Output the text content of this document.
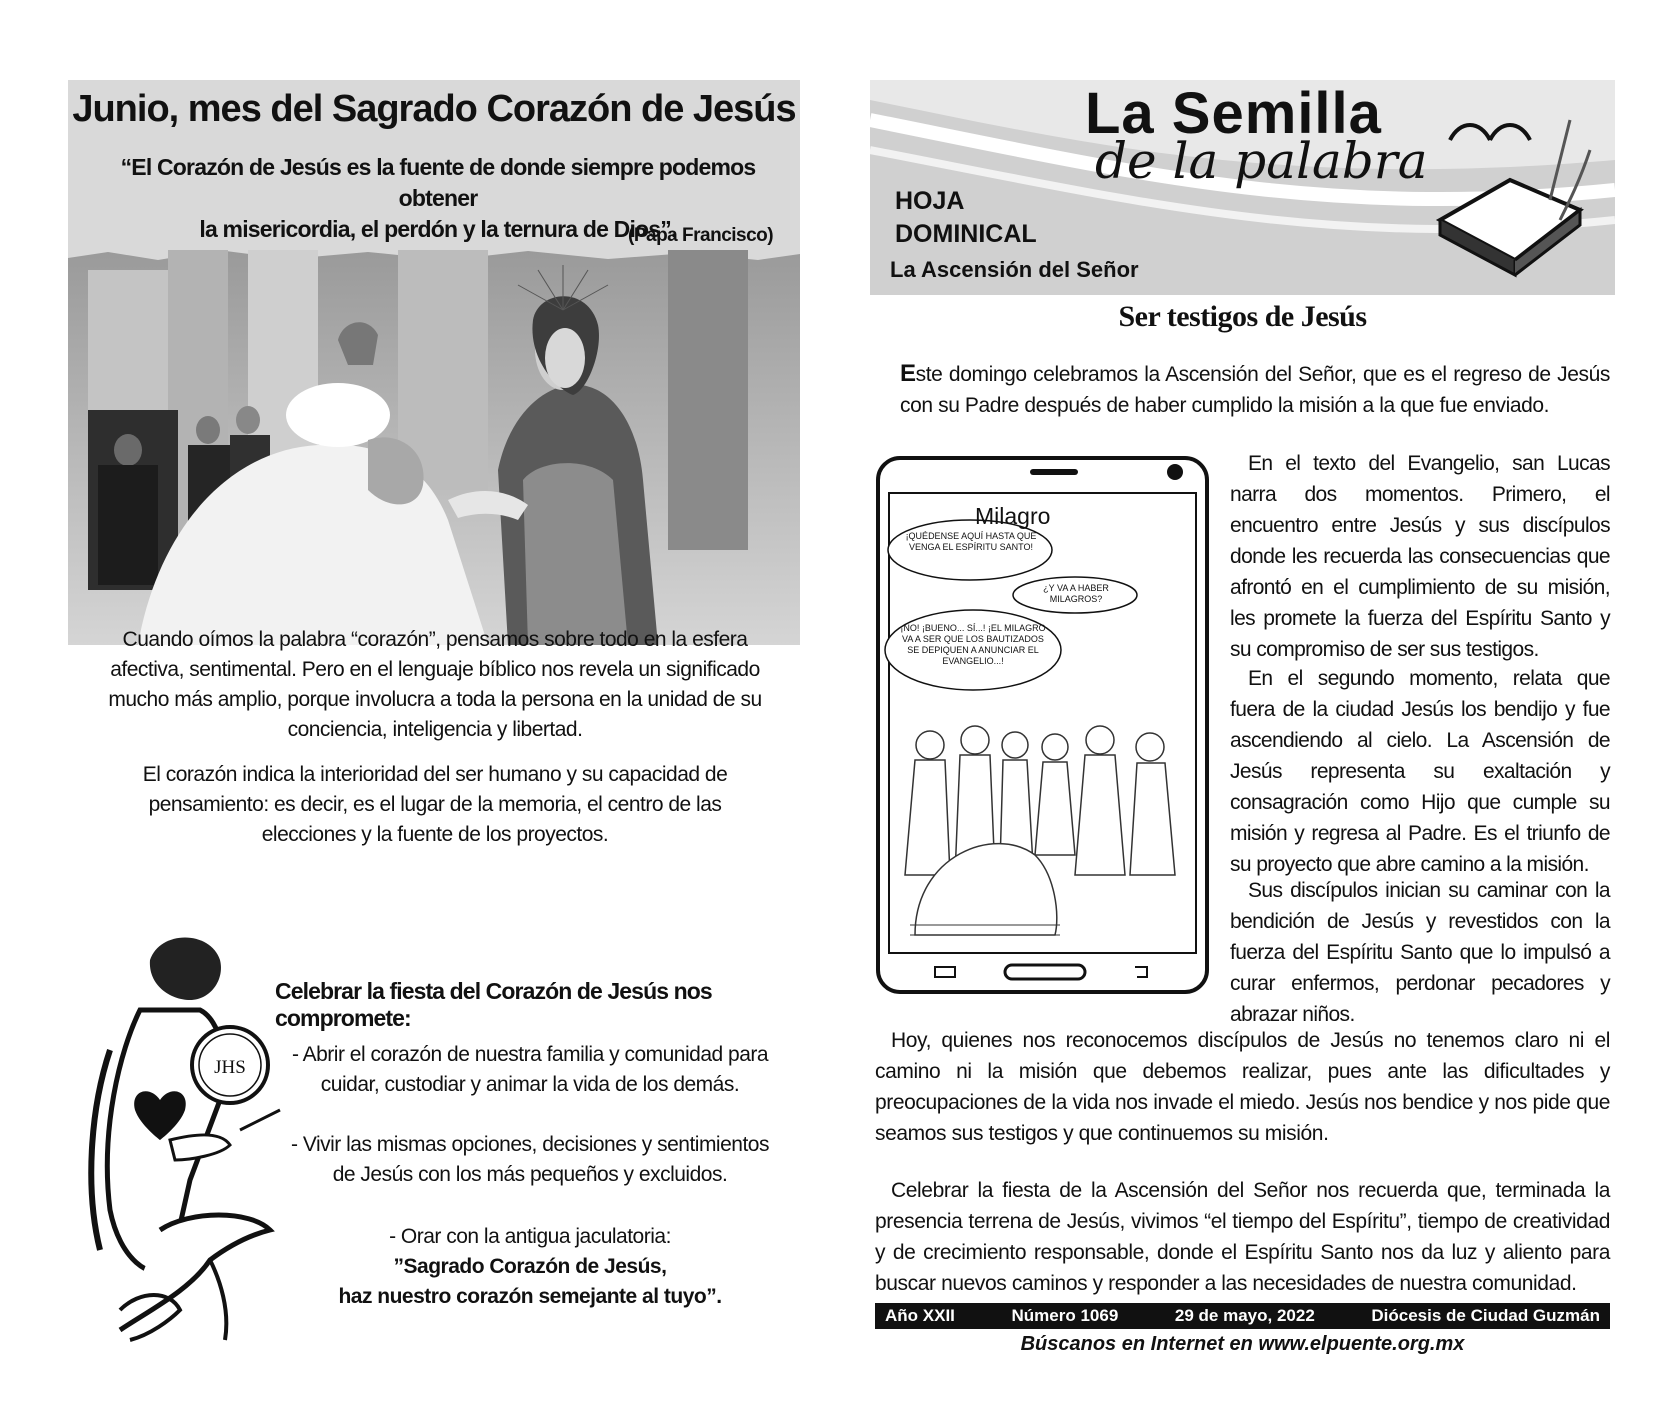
Junio, mes del Sagrado Corazón de Jesús
“El Corazón de Jesús es la fuente de donde siempre podemos obtener
la misericordia, el perdón y la ternura de Dios”.
(Papa Francisco)
Cuando oímos la palabra “corazón”, pensamos sobre todo en la esfera afectiva, sentimental. Pero en el lenguaje bíblico nos revela un significado mucho más amplio, porque involucra a toda la persona en la unidad de su conciencia, inteligencia y libertad.
El corazón indica la interioridad del ser humano y su capacidad de pensamiento: es decir, es el lugar de la memoria, el centro de las elecciones y la fuente de los proyectos.
JHS
Celebrar la fiesta del Corazón de Jesús nos compromete:
- Abrir el corazón de nuestra familia y comunidad para cuidar, custodiar y animar la vida de los demás.
- Vivir las mismas opciones, decisiones y sentimientos de Jesús con los más pequeños y excluidos.
- Orar con la antigua jaculatoria:
”Sagrado Corazón de Jesús,
haz nuestro corazón semejante al tuyo”.
La Semilla
de la palabra
HOJA
DOMINICAL
La Ascensión del Señor
Ser testigos de Jesús
Este domingo celebramos la Ascensión del Señor, que es el regreso de Jesús con su Padre después de haber cumplido la misión a la que fue enviado.
Milagro
¡QUÉDENSE AQUÍ HASTA QUE VENGA EL ESPÍRITU SANTO!
¿Y VA A HABER MILAGROS?
¡NO! ¡BUENO... SÍ...! ¡EL MILAGRO VA A SER QUE LOS BAUTIZADOS SE DEPIQUEN A ANUNCIAR EL EVANGELIO...!
En el texto del Evangelio, san Lucas narra dos momentos. Primero, el encuentro entre Jesús y sus discípulos donde les recuerda las consecuencias que afrontó en el cumplimiento de su misión, les promete la fuerza del Espíritu Santo y su compromiso de ser sus testigos.
En el segundo momento, relata que fuera de la ciudad Jesús los bendijo y fue ascendiendo al cielo. La Ascensión de Jesús representa su exaltación y consagración como Hijo que cumple su misión y regresa al Padre. Es el triunfo de su proyecto que abre camino a la misión.
Sus discípulos inician su caminar con la bendición de Jesús y revestidos con la fuerza del Espíritu Santo que lo impulsó a curar enfermos, perdonar pecadores y abrazar niños.
Hoy, quienes nos reconocemos discípulos de Jesús no tenemos claro ni el camino ni la misión que debemos realizar, pues ante las dificultades y preocupaciones de la vida nos invade el miedo. Jesús nos bendice y nos pide que seamos sus testigos y que continuemos su misión.
Celebrar la fiesta de la Ascensión del Señor nos recuerda que, terminada la presencia terrena de Jesús, vivimos “el tiempo del Espíritu”, tiempo de creatividad y de crecimiento responsable, donde el Espíritu Santo nos da luz y aliento para buscar nuevos caminos y responder a las necesidades de nuestra comunidad.
Año XXII	Número 1069	29 de mayo, 2022	Diócesis de Ciudad Guzmán
Búscanos en Internet en www.elpuente.org.mx
